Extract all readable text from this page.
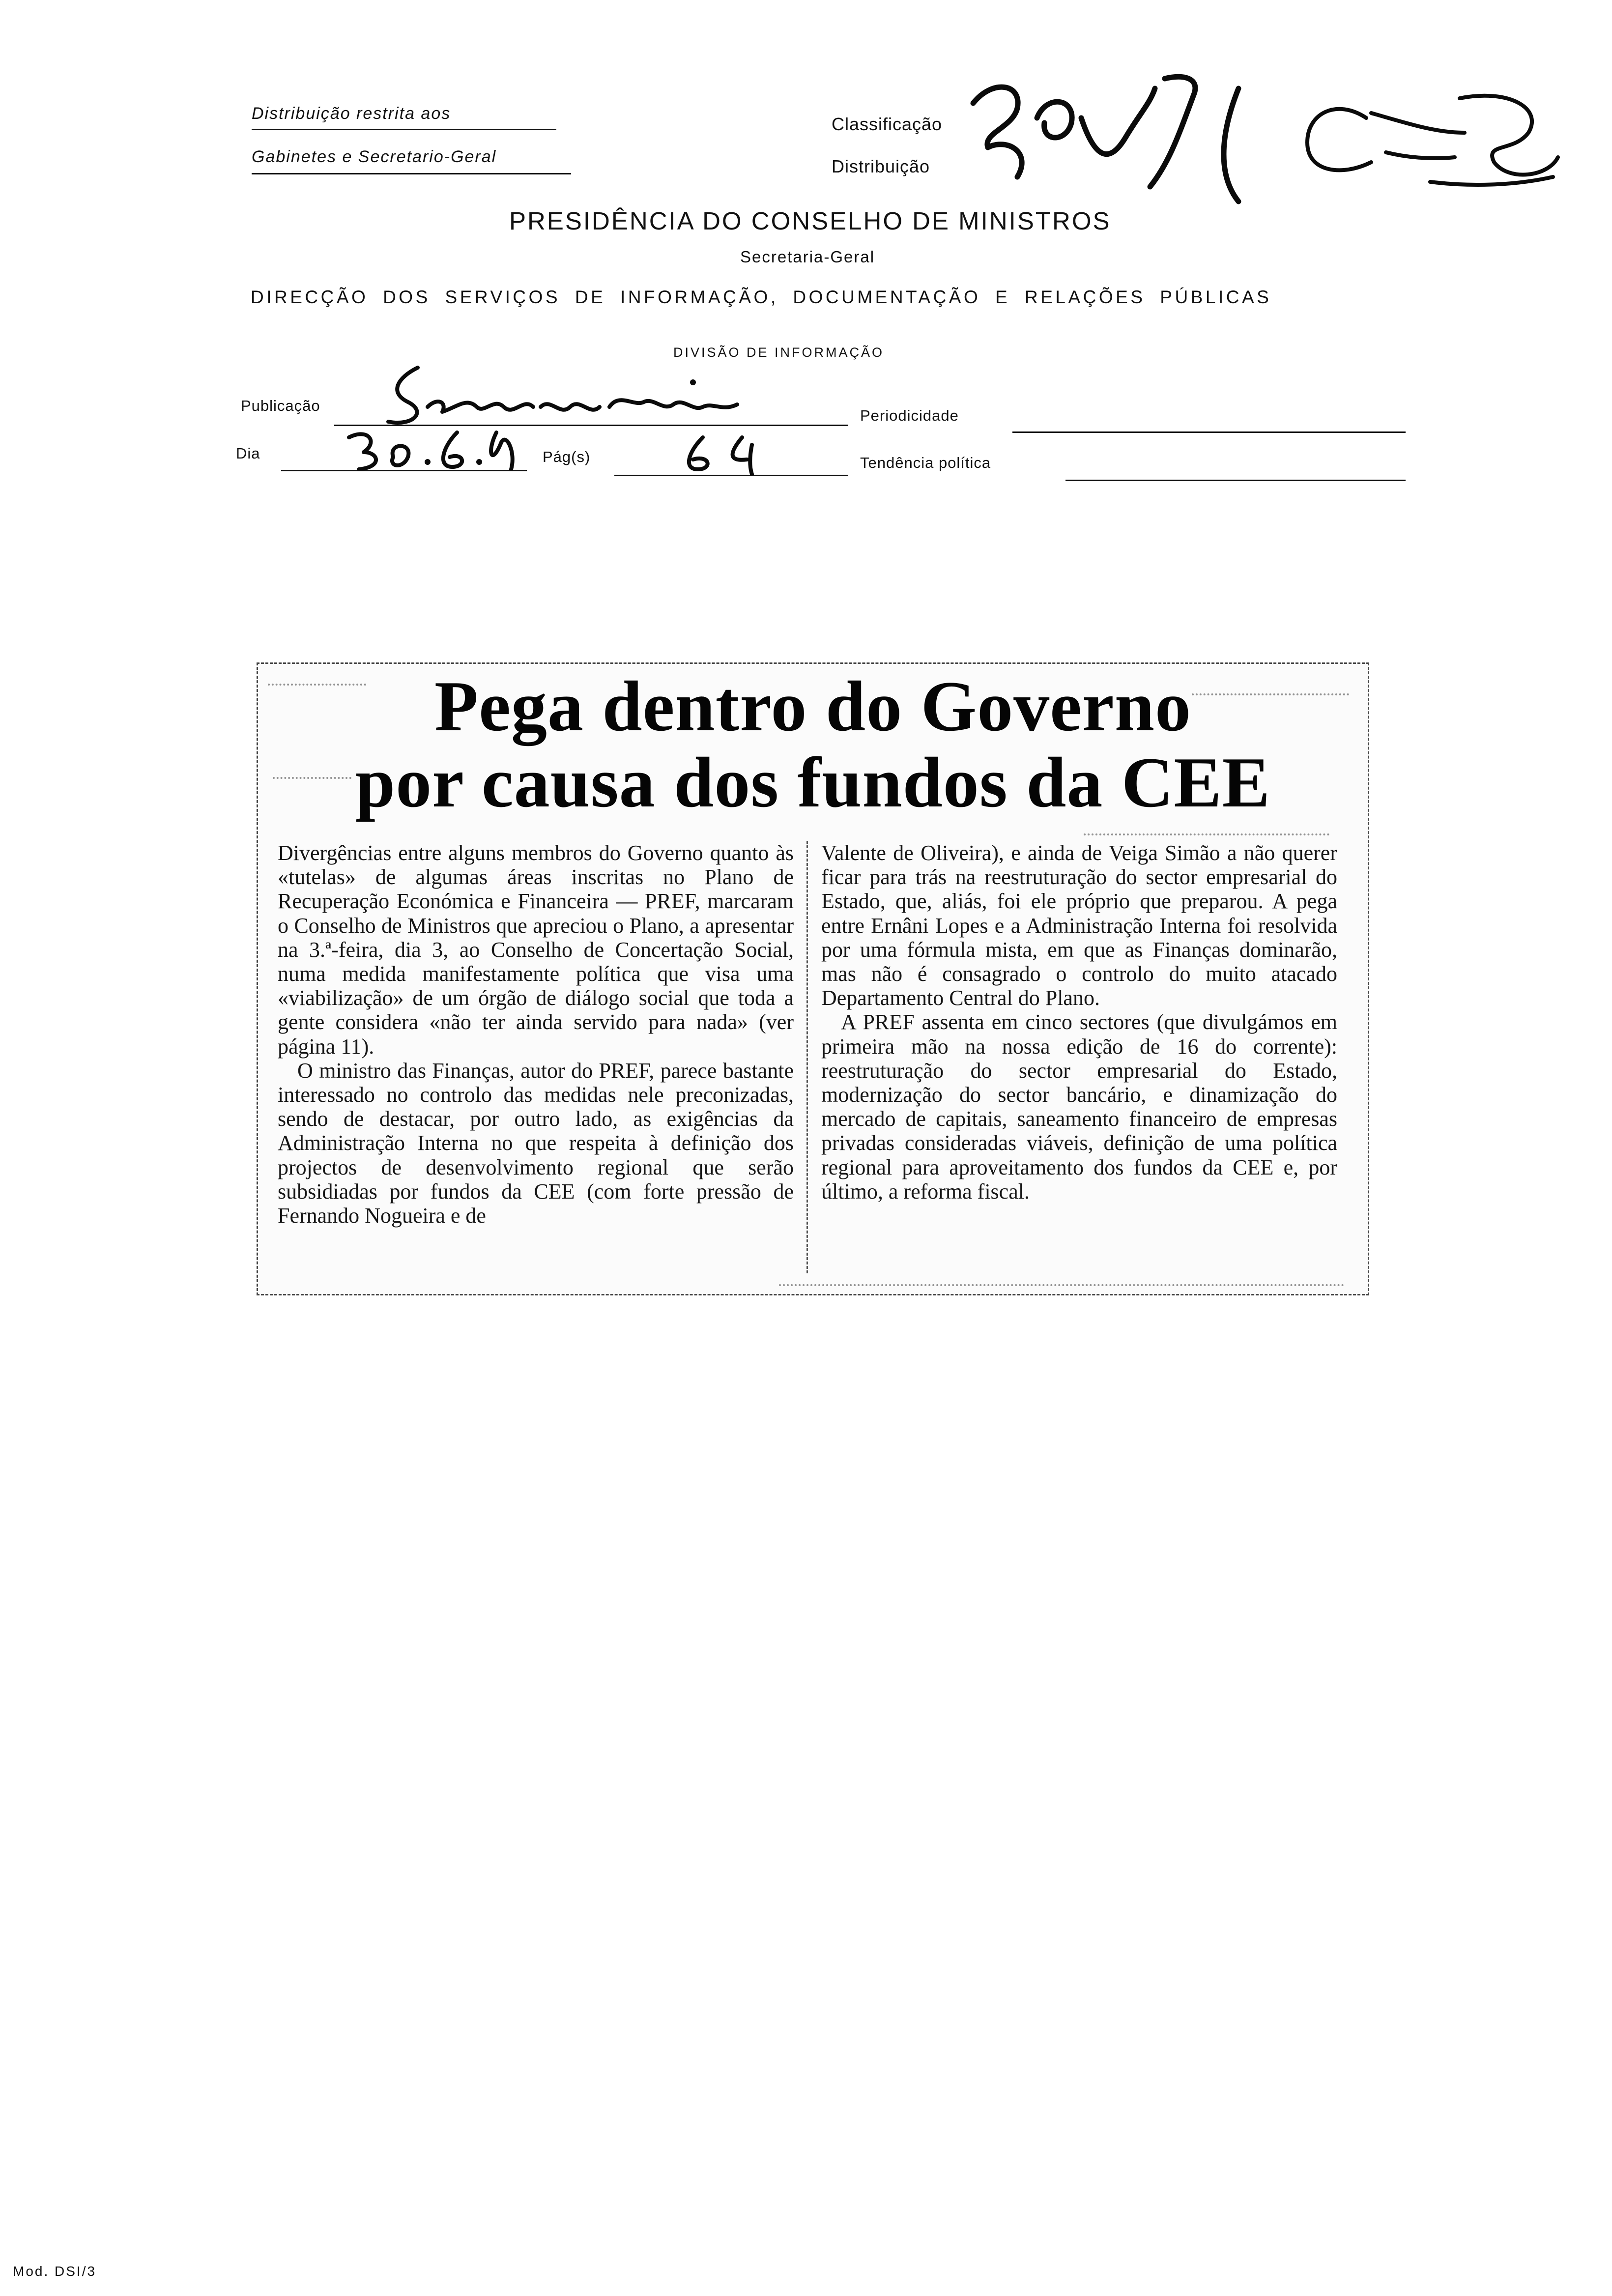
Distribuição restrita aos
Gabinetes e Secretario-Geral
Classificação
Distribuição
PRESIDÊNCIA DO CONSELHO DE MINISTROS
Secretaria-Geral
DIRECÇÃO DOS SERVIÇOS DE INFORMAÇÃO, DOCUMENTAÇÃO E RELAÇÕES PÚBLICAS
DIVISÃO DE INFORMAÇÃO
Publicação
Periodicidade
Dia	Pág(s)	Tendência política
Pega dentro do Governo
por causa dos fundos da CEE

Divergências entre alguns membros do Governo quanto às «tutelas» de algumas áreas inscritas no Plano de Recuperação Económica e Financeira — PREF, marcaram o Conselho de Ministros que apreciou o Plano, a apresentar na 3.ª-feira, dia 3, ao Conselho de Concertação Social, numa medida manifestamente política que visa uma «viabilização» de um órgão de diálogo social que toda a gente considera «não ter ainda servido para nada» (ver página 11).

O ministro das Finanças, autor do PREF, parece bastante interessado no controlo das medidas nele preconizadas, sendo de destacar, por outro lado, as exigências da Administração Interna no que respeita à definição dos projectos de desenvolvimento regional que serão subsidiadas por fundos da CEE (com forte pressão de Fernando Nogueira e de

Valente de Oliveira), e ainda de Veiga Simão a não querer ficar para trás na reestruturação do sector empresarial do Estado, que, aliás, foi ele próprio que preparou. A pega entre Ernâni Lopes e a Administração Interna foi resolvida por uma fórmula mista, em que as Finanças dominarão, mas não é consagrado o controlo do muito atacado Departamento Central do Plano.

A PREF assenta em cinco sectores (que divulgámos em primeira mão na nossa edição de 16 do corrente): reestruturação do sector empresarial do Estado, modernização do sector bancário, e dinamização do mercado de capitais, saneamento financeiro de empresas privadas consideradas viáveis, definição de uma política regional para aproveitamento dos fundos da CEE e, por último, a reforma fiscal.

Mod. DSI/3
